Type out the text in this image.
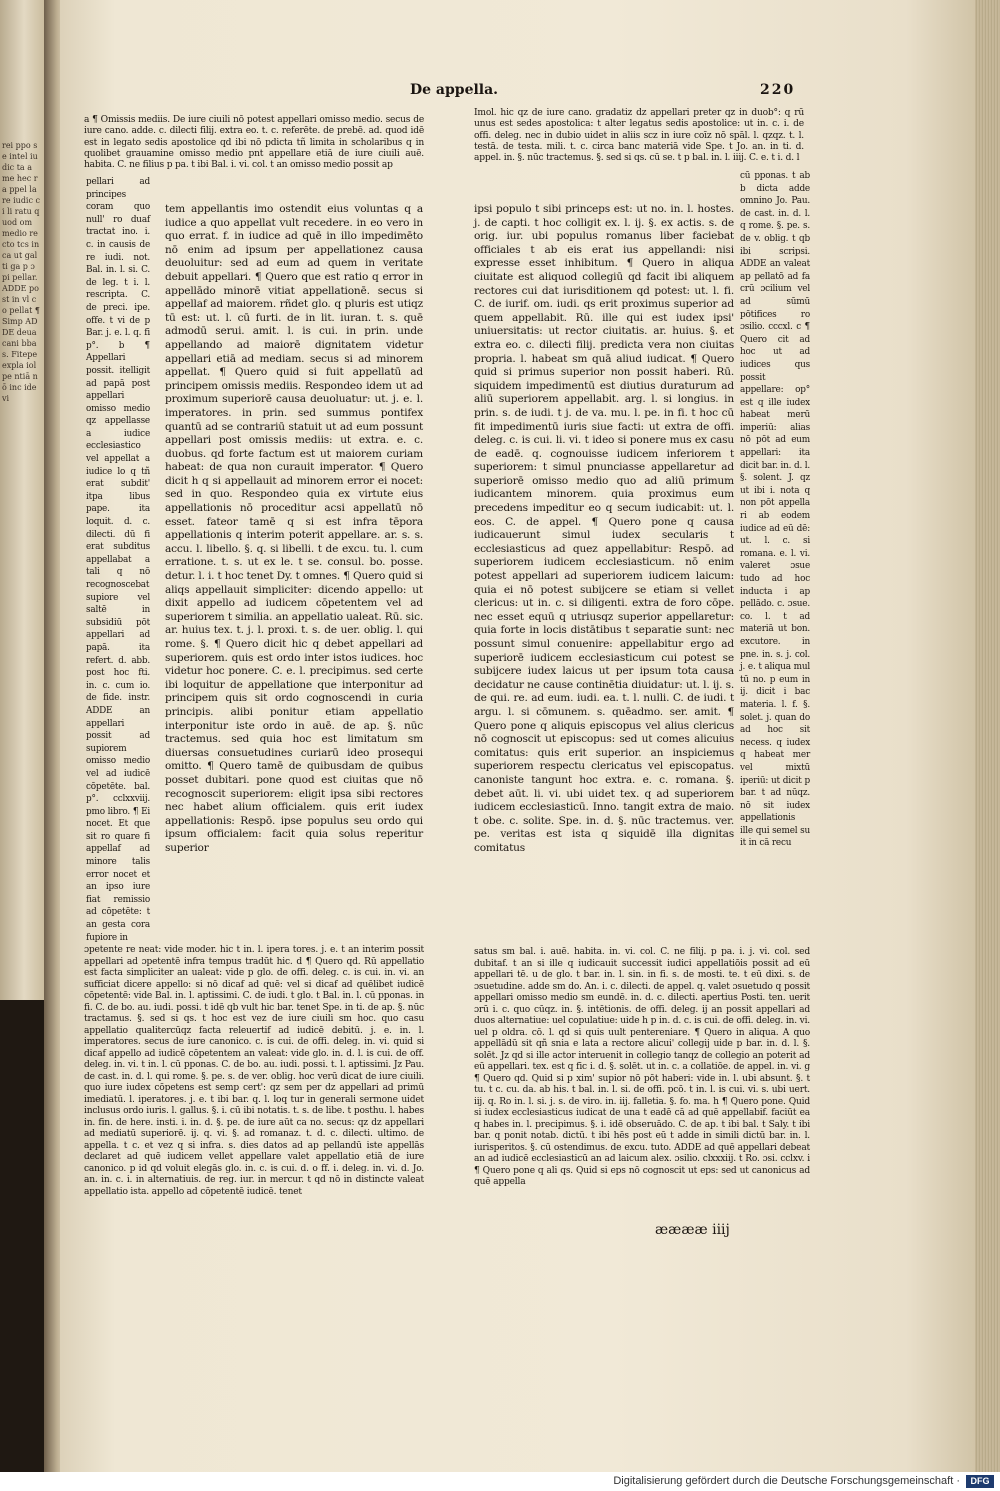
rei ppo se intel iudic ta a me hec ra ppel lare iudic ci li ratu quod om medio recto tcs in ca ut gal ti ga p ɔ pi pellar. ADDE post in vl co pellat ¶ Simp ADDE deua cani bbas. Fitepe expla iolpe ntiā nō inc ide vi
De appella.	220

a ¶ Omissis mediis. De iure ciuili nō potest appellari omisso medio. secus de iure cano. adde. c. dilecti filij. extra eo. t. c. referēte. de prebē. ad. quod idē est in legato sedis apostolice qd ibi nō pdicta tñ limita in scholaribus q in quolibet grauamine omisso medio pnt appellare etiā de iure ciuili auē. habita. C. ne filius p pa. t ibi Bal. i. vi. col. t an omisso medio possit ap

pellari ad principes coram quo null' ro duaf tractat ino. i. c. in causis de re iudi. not. Bal. in. l. si. C. de leg. t i. l. rescripta. C. de preci. ipe. offe. t vi de p Bar. j. e. l. q. fi p°. b ¶ Appellari possit. itelligit ad papā post appellari omisso medio qz appellasse a iudice ecclesiastico vel appellat a iudice lo q tñ erat subdit' itpa libus pape. ita loquit. d. c. dilecti. dū fi erat subditus appellabat a tali q nō recognoscebat supiore vel saltē in subsidiū pōt appellari ad papā. ita refert. d. abb. post hoc fti. in. c. cum io. de fide. instr. ADDE an appellari possit ad supiorem omisso medio vel ad iudicē cōpetēte. bal. p°. cclxxviij. pmo libro. ¶ Ei nocet. Et que sit ro quare fi appellaf ad minore talis error nocet et an ipso iure fiat remissio ad cōpetēte: t an gesta cora fupiore in

tem appellantis imo ostendit eius voluntas q a iudice a quo appellat vult recedere. in eo vero in quo errat. f. in iudice ad quē in illo impedimēto nō enim ad ipsum per appellationez causa deuoluitur: sed ad eum ad quem in veritate debuit appellari. ¶ Quero que est ratio q error in appellādo minorē vitiat appellationē. secus si appellaf ad maiorem. rñdet glo. q pluris est utiqz tū est: ut. l. cū furti. de in lit. iuran. t. s. quē admodū serui. amit. l. is cui. in prin. unde appellando ad maiorē dignitatem videtur appellari etiā ad mediam. secus si ad minorem appellat. ¶ Quero quid si fuit appellatū ad principem omissis mediis. Respondeo idem ut ad proximum superiorē causa deuoluatur: ut. j. e. l. imperatores. in prin. sed summus pontifex quantū ad se contrariū statuit ut ad eum possunt appellari post omissis mediis: ut extra. e. c. duobus. qd forte factum est ut maiorem curiam habeat: de qua non curauit imperator. ¶ Quero dicit h q si appellauit ad minorem error ei nocet: sed in quo. Respondeo quia ex virtute eius appellationis nō proceditur acsi appellatū nō esset. fateor tamē q si est infra tēpora appellationis q interim poterit appellare. ar. s. s. accu. l. libello. §. q. si libelli. t de excu. tu. l. cum erratione. t. s. ut ex le. t se. consul. bo. posse. detur. l. i. t hoc tenet Dy. t omnes. ¶ Quero quid si aliqs appellauit simpliciter: dicendo appello: ut dixit appello ad iudicem cōpetentem vel ad superiorem t similia. an appellatio ualeat. Rū. sic. ar. huius tex. t. j. l. proxi. t. s. de uer. oblig. l. qui rome. §. ¶ Quero dicit hic q debet appellari ad superiorem. quis est ordo inter istos iudices. hoc videtur hoc ponere. C. e. l. precipimus. sed certe ibi loquitur de appellatione que interponitur ad principem quis sit ordo cognoscendi in curia principis. alibi ponitur etiam appellatio interponitur iste ordo in auē. de ap. §. nūc tractemus. sed quia hoc est limitatum sm diuersas consuetudines curiarū ideo prosequi omitto. ¶ Quero tamē de quibusdam de quibus posset dubitari. pone quod est ciuitas que nō recognoscit superiorem: eligit ipsa sibi rectores nec habet alium officialem. quis erit iudex appellationis: Respō. ipse populus seu ordo qui ipsum officialem: facit quia solus reperitur superior

Imol. hic qz de iure cano. gradatiz dz appellari preter qz in duob°: q rū unus est sedes apostolica: t alter legatus sedis apostolice: ut in. c. i. de offi. deleg. nec in dubio uidet in aliis scz in iure coīz nō spāl. l. qzqz. t. l. testā. de testa. mili. t. c. circa banc materiā vide Spe. t Jo. an. in ti. d. appel. in. §. nūc tractemus. §. sed si qs. cū se. t p bal. in. l. iiij. C. e. t i. d. l

ipsi populo t sibi princeps est: ut no. in. l. hostes. j. de capti. t hoc colligit ex. l. ij. §. ex actis. s. de orig. iur. ubi populus romanus liber faciebat officiales t ab eis erat ius appellandi: nisi expresse esset inhibitum. ¶ Quero in aliqua ciuitate est aliquod collegiū qd facit ibi aliquem rectores cui dat iurisditionem qd potest: ut. l. fi. C. de iurif. om. iudi. qs erit proximus superior ad quem appellabit. Rū. ille qui est iudex ipsi' uniuersitatis: ut rector ciuitatis. ar. huius. §. et extra eo. c. dilecti filij. predicta vera non ciuitas propria. l. habeat sm quā aliud iudicat. ¶ Quero quid si primus superior non possit haberi. Rū. siquidem impedimentū est diutius duraturum ad aliū superiorem appellabit. arg. l. si longius. in prin. s. de iudi. t j. de va. mu. l. pe. in fi. t hoc cū fit impedimentū iuris siue facti: ut extra de offi. deleg. c. is cui. li. vi. t ideo si ponere mus ex casu de eadē. q. cognouisse iudicem inferiorem t superiorem: t simul pnunciasse appellaretur ad superiorē omisso medio quo ad aliū primum iudicantem minorem. quia proximus eum precedens impeditur eo q secum iudicabit: ut. l. eos. C. de appel. ¶ Quero pone q causa iudicauerunt simul iudex secularis t ecclesiasticus ad quez appellabitur: Respō. ad superiorem iudicem ecclesiasticum. nō enim potest appellari ad superiorem iudicem laicum: quia ei nō potest subijcere se etiam si vellet clericus: ut in. c. si diligenti. extra de foro cōpe. nec esset equū q utriusqz superior appellaretur: quia forte in locis distātibus t separatie sunt: nec possunt simul conuenire: appellabitur ergo ad superiorē iudicem ecclesiasticum cui potest se subijcere iudex laicus ut per ipsum tota causa decidatur ne cause continētia diuidatur: ut. l. ij. s. de qui. re. ad eum. iudi. ea. t. l. nulli. C. de iudi. t argu. l. si cōmunem. s. quēadmo. ser. amit. ¶ Quero pone q aliquis episcopus vel alius clericus nō cognoscit ut episcopus: sed ut comes alicuius comitatus: quis erit superior. an inspiciemus superiorem respectu clericatus vel episcopatus. canoniste tangunt hoc extra. e. c. romana. §. debet aūt. li. vi. ubi uidet tex. q ad superiorem iudicem ecclesiasticū. Inno. tangit extra de maio. t obe. c. solite. Spe. in. d. §. nūc tractemus. ver. pe. veritas est ista q siquidē illa dignitas comitatus

cū pponas. t ab b dicta adde omnino Jo. Pau. de cast. in. d. l. q rome. §. pe. s. de v. oblig. t qb ibi scripsi. ADDE an valeat ap pellatō ad fa crū ɔcilium vel ad sūmū pōtifices ro ɔsilio. cccxl. c ¶ Quero cit ad hoc ut ad iudices qus possit appellare: op° est q ille iudex habeat merū imperiū: alias nō pōt ad eum appellari: ita dicit bar. in. d. l. §. solent. J. qz ut ibi i. nota q non pōt appella ri ab eodem iudice ad eū dē: ut. l. c. si romana. e. l. vi. valeret ɔsue tudo ad hoc inducta i ap pellādo. c. ɔsue. co. l. t ad materiā ut bon. excutore. in pne. in. s. j. col. j. e. t aliqua mul tū no. p eum in ij. dicit i bac materia. l. f. §. solet. j. quan do ad hoc sit necess. q iudex q habeat mer vel mixtū iperiū: ut dicit p bar. t ad nūqz. nō sit iudex appellationis ille qui semel su it in cā recu

ɔpetente re neat: vide moder. hic t in. l. ipera tores. j. e. t an interim possit appellari ad ɔpetentē infra tempus tradūt hic. d ¶ Quero qd. Rū appellatio est facta simpliciter an ualeat: vide p glo. de offi. deleg. c. is cui. in. vi. an sufficiat dicere appello: si nō dicaf ad quē: vel si dicaf ad quēlibet iudicē cōpetentē: vide Bal. in. l. aptissimi. C. de iudi. t glo. t Bal. in. l. cū pponas. in fi. C. de bo. au. iudi. possi. t idē qb vult hic bar. tenet Spe. in ti. de ap. §. nūc tractamus. §. sed si qs. t hoc est vez de iure ciuili sm hoc. quo casu appellatio qualitercūqz facta releuertif ad iudicē debitū. j. e. in. l. imperatores. secus de iure canonico. c. is cui. de offi. deleg. in. vi. quid si dicaf appello ad iudicē cōpetentem an valeat: vide glo. in. d. l. is cui. de off. deleg. in. vi. t in. l. cū pponas. C. de bo. au. iudi. possi. t. l. aptissimi. Jz Pau. de cast. in. d. l. qui rome. §. pe. s. de ver. oblig. hoc verū dicat de iure ciuili. quo iure iudex cōpetens est semp cert': qz sem per dz appellari ad primū imediatū. l. iperatores. j. e. t ibi bar. q. l. loq tur in generali sermone uidet inclusus ordo iuris. l. gallus. §. i. cū ibi notatis. t. s. de libe. t posthu. l. habes in. fin. de here. insti. i. in. d. §. pe. de iure aūt ca no. secus: qz dz appellari ad mediatū superiorē. ij. q. vi. §. ad romanaz. t. d. c. dilecti. ultimo. de appella. t c. et vez q si infra. s. dies datos ad ap pellandū iste appellās declaret ad quē iudicem vellet appellare valet appellatio etiā de iure canonico. p id qd voluit elegās glo. in. c. is cui. d. o ff. i. deleg. in. vi. d. Jo. an. in. c. i. in alternatiuis. de reg. iur. in mercur. t qd nō in distincte valeat appellatio ista. appello ad cōpetentē iudicē. tenet

satus sm bal. i. auē. habita. in. vi. col. C. ne filij. p pa. i. j. vi. col. sed dubitaf. t an si ille q iudicauit successit iudici appellatiōis possit ad eū appellari tē. u de glo. t bar. in. l. sin. in fi. s. de mosti. te. t eū dixi. s. de ɔsuetudine. adde sm do. An. i. c. dilecti. de appel. q. valet ɔsuetudo q possit appellari omisso medio sm eundē. in. d. c. dilecti. apertius Posti. ten. uerit ɔrū i. c. quo cūqz. in. §. intētionis. de offi. deleg. ij an possit appellari ad duos alternatiue: uel copulatiue: uide h p in. d. c. is cui. de offi. deleg. in. vi. uel p oldra. cō. l. qd si quis uult pentereniare. ¶ Quero in aliqua. A quo appellādū sit qñ snia e lata a rectore alicui' collegij uide p bar. in. d. l. §. solēt. Jz qd si ille actor interuenit in collegio tanqz de collegio an poterit ad eū appellari. tex. est q fic i. d. §. solēt. ut in. c. a collatiōe. de appel. in. vi. g ¶ Quero qd. Quid si p xim' supior nō pōt haberi: vide in. l. ubi absunt. §. t tu. t c. cu. da. ab his. t bal. in. l. si. de offi. pcō. t in. l. is cui. vi. s. ubi uert. iij. q. Ro in. l. si. j. s. de viro. in. iij. falletia. §. fo. ma. h ¶ Quero pone. Quid si iudex ecclesiasticus iudicat de una t eadē cā ad quē appellabif. faciūt ea q habes in. l. precipimus. §. i. idē obseruādo. C. de ap. t ibi bal. t Saly. t ibi bar. q ponit notab. dictū. t ibi hēs post eū t adde in simili dictū bar. in. l. iurisperitos. §. cū ostendimus. de excu. tuto. ADDE ad quē appellari debeat an ad iudicē ecclesiasticū an ad laicum alex. ɔsilio. clxxxiij. t Ro. ɔsi. cclxv. i ¶ Quero pone q ali qs. Quid si eps nō cognoscit ut eps: sed ut canonicus ad quē appella

ææææ iiij
Digitalisierung gefördert durch die Deutsche Forschungsgemeinschaft ·	DFG
